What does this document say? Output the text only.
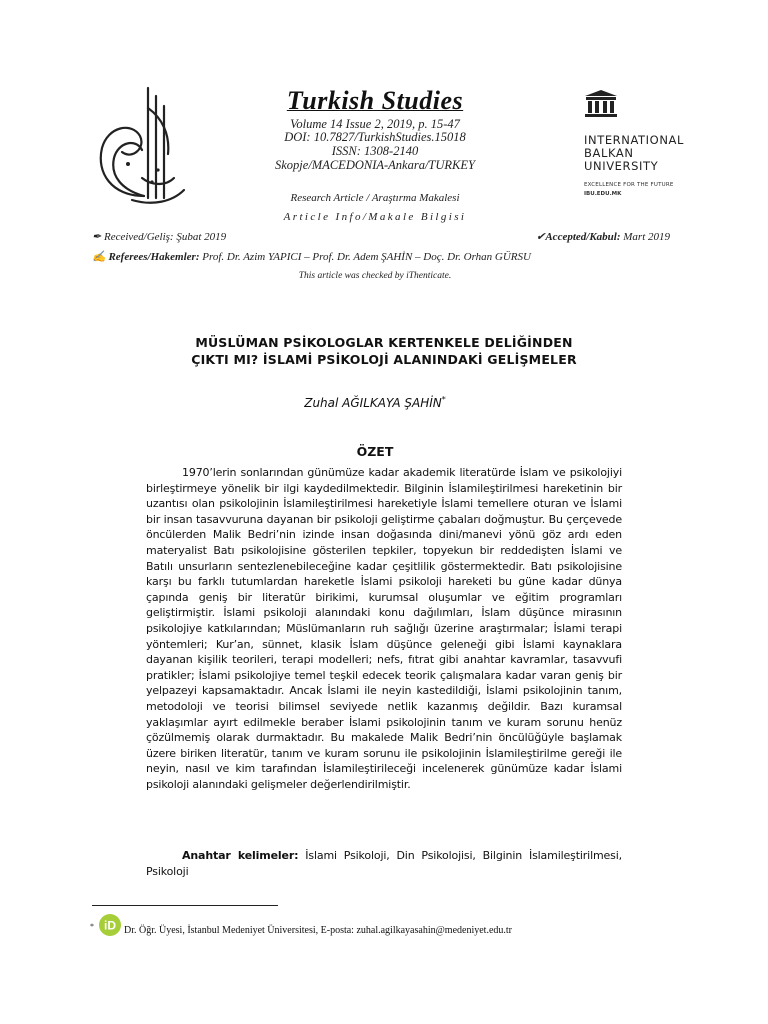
Turkish Studies
Volume 14 Issue 2, 2019, p. 15-47
DOI: 10.7827/TurkishStudies.15018
ISSN: 1308-2140
Skopje/MACEDONIA-Ankara/TURKEY
INTERNATIONAL
BALKAN
UNIVERSITY
EXCELLENCE FOR THE FUTURE
IBU.EDU.MK
Research Article / Araştırma Makalesi
Article Info/Makale Bilgisi
✒ Received/Geliş: Şubat 2019	✔Accepted/Kabul: Mart 2019
✍ Referees/Hakemler: Prof. Dr. Azim YAPICI – Prof. Dr. Adem ŞAHİN – Doç. Dr. Orhan GÜRSU
This article was checked by iThenticate.
MÜSLÜMAN PSİKOLOGLAR KERTENKELE DELİĞİNDEN
ÇIKTI MI? İSLAMİ PSİKOLOJİ ALANINDAKİ GELİŞMELER
Zuhal AĞILKAYA ŞAHİN*
ÖZET

1970’lerin sonlarından günümüze kadar akademik literatürde İslam ve psikolojiyi birleştirmeye yönelik bir ilgi kaydedilmektedir. Bilginin İslamileştirilmesi hareketinin bir uzantısı olan psikolojinin İslamileştirilmesi hareketiyle İslami temellere oturan ve İslami bir insan tasavvuruna dayanan bir psikoloji geliştirme çabaları doğmuştur. Bu çerçevede öncülerden Malik Bedri’nin izinde insan doğasında dini/manevi yönü göz ardı eden materyalist Batı psikolojisine gösterilen tepkiler, topyekun bir reddedişten İslami ve Batılı unsurların sentezlenebileceğine kadar çeşitlilik göstermektedir. Batı psikolojisine karşı bu farklı tutumlardan hareketle İslami psikoloji hareketi bu güne kadar dünya çapında geniş bir literatür birikimi, kurumsal oluşumlar ve eğitim programları geliştirmiştir. İslami psikoloji alanındaki konu dağılımları, İslam düşünce mirasının psikolojiye katkılarından; Müslümanların ruh sağlığı üzerine araştırmalar; İslami terapi yöntemleri; Kur’an, sünnet, klasik İslam düşünce geleneği gibi İslami kaynaklara dayanan kişilik teorileri, terapi modelleri; nefs, fıtrat gibi anahtar kavramlar, tasavvufi pratikler; İslami psikolojiye temel teşkil edecek teorik çalışmalara kadar varan geniş bir yelpazeyi kapsamaktadır. Ancak İslami ile neyin kastedildiği, İslami psikolojinin tanım, metodoloji ve teorisi bilimsel seviyede netlik kazanmış değildir. Bazı kuramsal yaklaşımlar ayırt edilmekle beraber İslami psikolojinin tanım ve kuram sorunu henüz çözülmemiş olarak durmaktadır. Bu makalede Malik Bedri’nin öncülüğüyle başlamak üzere biriken literatür, tanım ve kuram sorunu ile psikolojinin İslamileştirilme gereği ile neyin, nasıl ve kim tarafından İslamileştirileceği incelenerek günümüze kadar İslami psikoloji alanındaki gelişmeler değerlendirilmiştir.

Anahtar kelimeler: İslami Psikoloji, Din Psikolojisi, Bilginin İslamileştirilmesi, Psikoloji

* iD Dr. Öğr. Üyesi, İstanbul Medeniyet Üniversitesi, E-posta: zuhal.agilkayasahin@medeniyet.edu.tr
